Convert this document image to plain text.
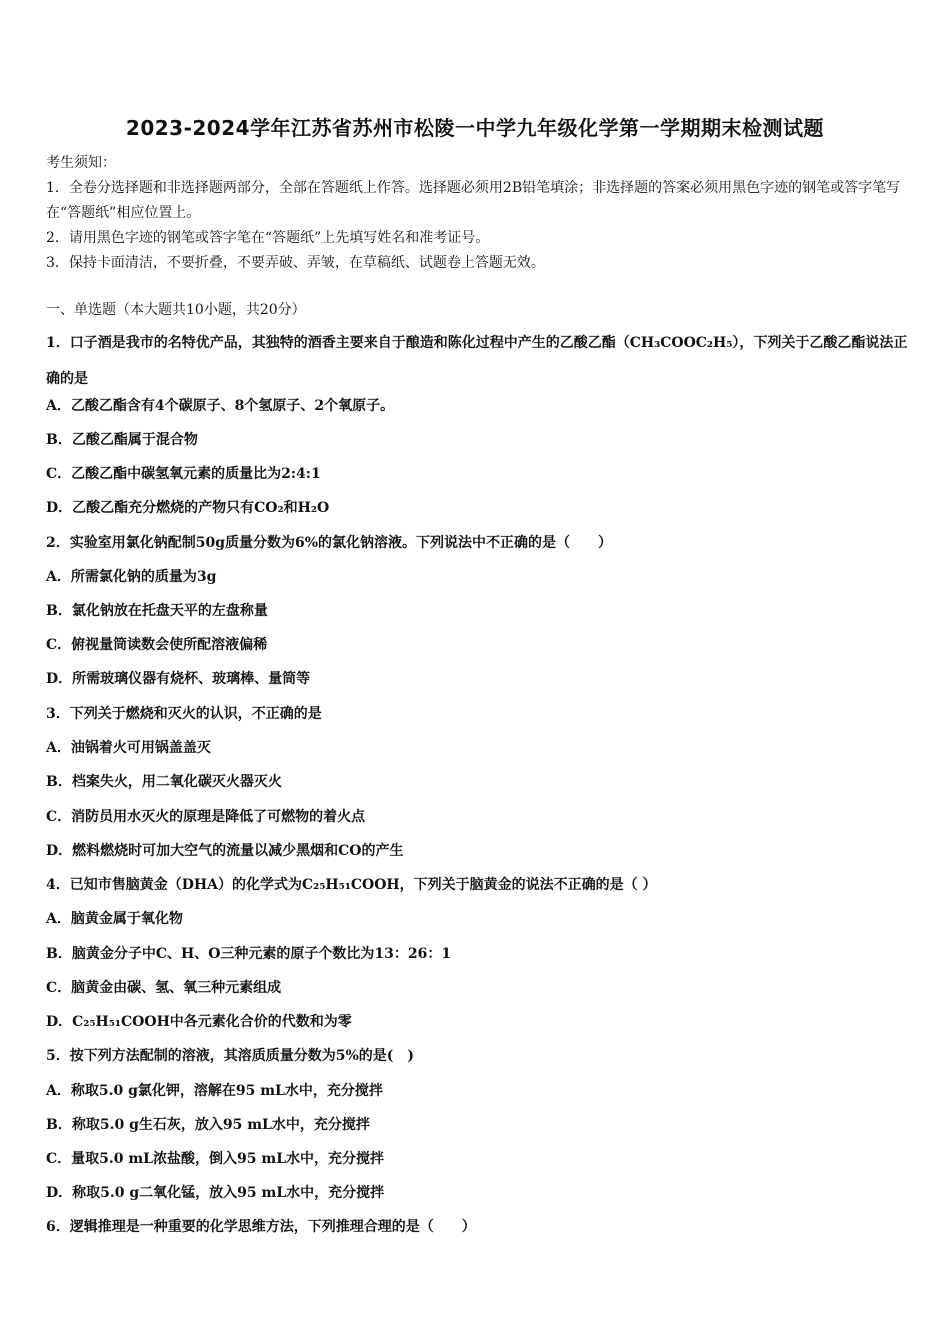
2023-2024学年江苏省苏州市松陵一中学九年级化学第一学期期末检测试题

考生须知：

1．全卷分选择题和非选择题两部分，全部在答题纸上作答。选择题必须用2B铅笔填涂；非选择题的答案必须用黑色字迹的钢笔或答字笔写在“答题纸”相应位置上。

2．请用黑色字迹的钢笔或答字笔在“答题纸”上先填写姓名和准考证号。

3．保持卡面清洁，不要折叠，不要弄破、弄皱，在草稿纸、试题卷上答题无效。

一、单选题（本大题共10小题，共20分）

1．口子酒是我市的名特优产品，其独特的酒香主要来自于酿造和陈化过程中产生的乙酸乙酯（CH₃COOC₂H₅），下列关于乙酸乙酯说法正确的是

A．乙酸乙酯含有4个碳原子、8个氢原子、2个氧原子。
B．乙酸乙酯属于混合物
C．乙酸乙酯中碳氢氧元素的质量比为2:4:1
D．乙酸乙酯充分燃烧的产物只有CO₂和H₂O
2．实验室用氯化钠配制50g质量分数为6%的氯化钠溶液。下列说法中不正确的是（　　）
A．所需氯化钠的质量为3g
B．氯化钠放在托盘天平的左盘称量
C．俯视量筒读数会使所配溶液偏稀
D．所需玻璃仪器有烧杯、玻璃棒、量筒等
3．下列关于燃烧和灭火的认识，不正确的是
A．油锅着火可用锅盖盖灭
B．档案失火，用二氧化碳灭火器灭火
C．消防员用水灭火的原理是降低了可燃物的着火点
D．燃料燃烧时可加大空气的流量以减少黑烟和CO的产生
4．已知市售脑黄金（DHA）的化学式为C₂₅H₅₁COOH，下列关于脑黄金的说法不正确的是（ ）
A．脑黄金属于氧化物
B．脑黄金分子中C、H、O三种元素的原子个数比为13：26：1
C．脑黄金由碳、氢、氧三种元素组成
D．C₂₅H₅₁COOH中各元素化合价的代数和为零
5．按下列方法配制的溶液，其溶质质量分数为5%的是(　)
A．称取5.0 g氯化钾，溶解在95 mL水中，充分搅拌
B．称取5.0 g生石灰，放入95 mL水中，充分搅拌
C．量取5.0 mL浓盐酸，倒入95 mL水中，充分搅拌
D．称取5.0 g二氧化锰，放入95 mL水中，充分搅拌
6．逻辑推理是一种重要的化学思维方法，下列推理合理的是（　　）
